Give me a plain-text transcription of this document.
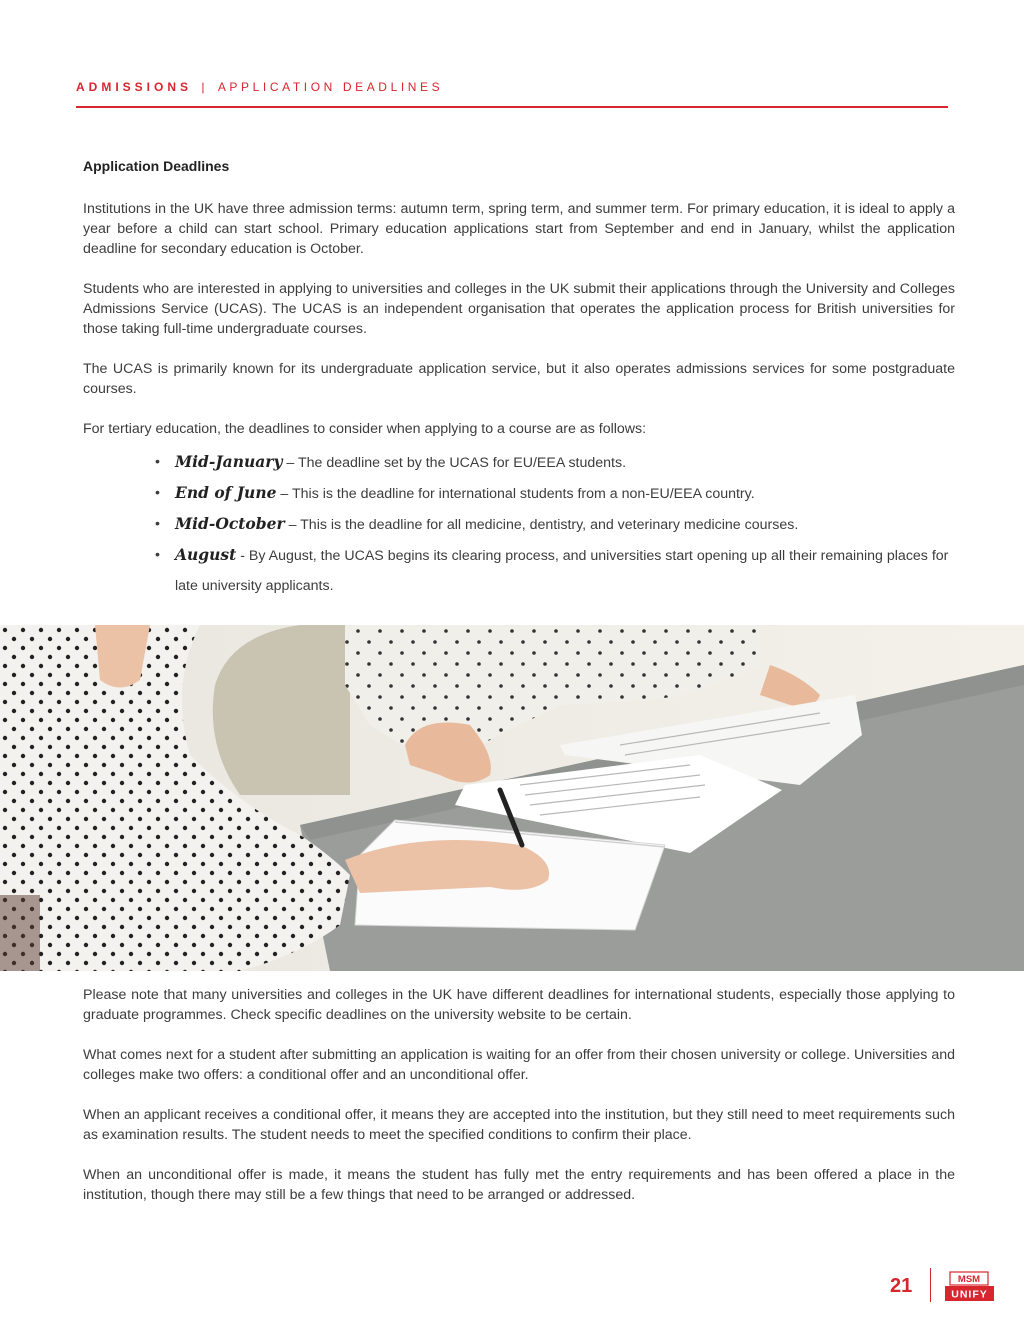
ADMISSIONS | APPLICATION DEADLINES
Application Deadlines

Institutions in the UK have three admission terms: autumn term, spring term, and summer term. For primary education, it is ideal to apply a year before a child can start school. Primary education applications start from September and end in January, whilst the application deadline for secondary education is October.

Students who are interested in applying to universities and colleges in the UK submit their applications through the University and Colleges Admissions Service (UCAS). The UCAS is an independent organisation that operates the application process for British universities for those taking full-time undergraduate courses.

The UCAS is primarily known for its undergraduate application service, but it also operates admissions services for some postgraduate courses.

For tertiary education, the deadlines to consider when applying to a course are as follows:

• Mid-January – The deadline set by the UCAS for EU/EEA students.
• End of June – This is the deadline for international students from a non-EU/EEA country.
• Mid-October – This is the deadline for all medicine, dentistry, and veterinary medicine courses.
• August - By August, the UCAS begins its clearing process, and universities start opening up all their remaining places for late university applicants.

Please note that many universities and colleges in the UK have different deadlines for international students, especially those applying to graduate programmes. Check specific deadlines on the university website to be certain.

What comes next for a student after submitting an application is waiting for an offer from their chosen university or college. Universities and colleges make two offers: a conditional offer and an unconditional offer.

When an applicant receives a conditional offer, it means they are accepted into the institution, but they still need to meet requirements such as examination results. The student needs to meet the specified conditions to confirm their place.

When an unconditional offer is made, it means the student has fully met the entry requirements and has been offered a place in the institution, though there may still be a few things that need to be arranged or addressed.

21	MSM
UNIFY
